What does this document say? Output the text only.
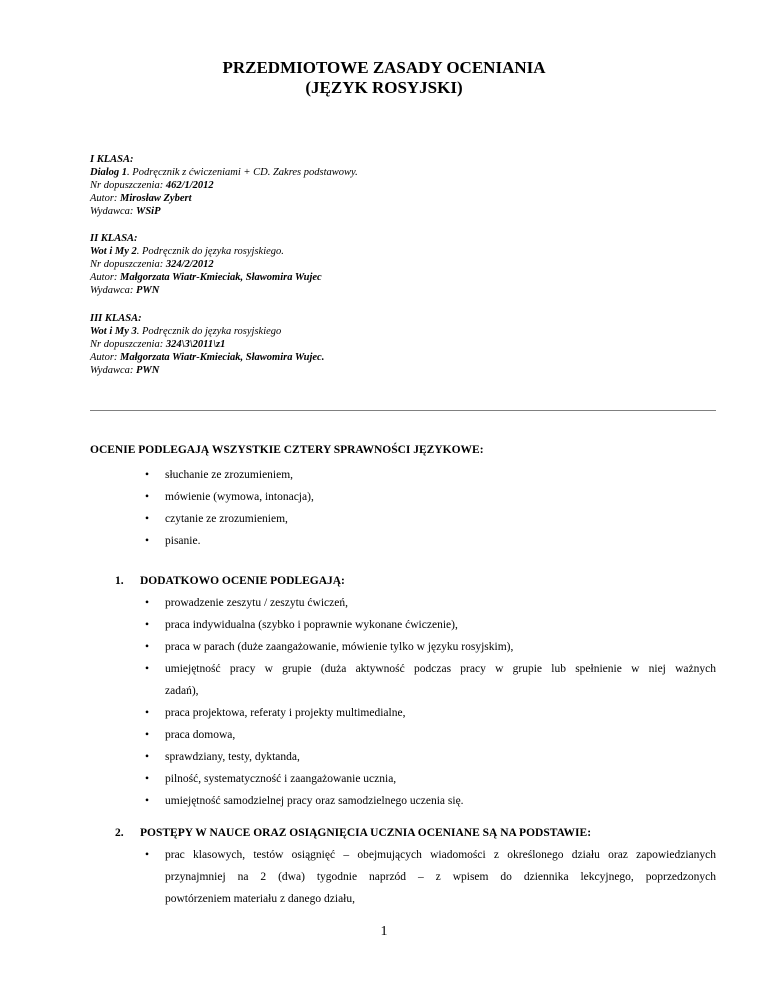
PRZEDMIOTOWE ZASADY OCENIANIA
(JĘZYK ROSYJSKI)
I KLASA:
Dialog 1. Podręcznik z ćwiczeniami + CD. Zakres podstawowy.
Nr dopuszczenia: 462/1/2012
Autor: Mirosław Zybert
Wydawca: WSiP
II KLASA:
Wot i My 2. Podręcznik do języka rosyjskiego.
Nr dopuszczenia: 324/2/2012
Autor: Małgorzata Wiatr-Kmieciak, Sławomira Wujec
Wydawca: PWN
III KLASA:
Wot i My 3. Podręcznik do języka rosyjskiego
Nr dopuszczenia: 324\3\2011\z1
Autor: Małgorzata Wiatr-Kmieciak, Sławomira Wujec.
Wydawca: PWN
OCENIE PODLEGAJĄ WSZYSTKIE CZTERY SPRAWNOŚCI JĘZYKOWE:
• słuchanie ze zrozumieniem,
• mówienie (wymowa, intonacja),
• czytanie ze zrozumieniem,
• pisanie.
1. DODATKOWO OCENIE PODLEGAJĄ:
• prowadzenie zeszytu / zeszytu ćwiczeń,
• praca indywidualna (szybko i poprawnie wykonane ćwiczenie),
• praca w parach (duże zaangażowanie, mówienie tylko w języku rosyjskim),
• umiejętność pracy w grupie (duża aktywność podczas pracy w grupie lub spełnienie w niej ważnych
zadań),
• praca projektowa, referaty i projekty multimedialne,
• praca domowa,
• sprawdziany, testy, dyktanda,
• pilność, systematyczność i zaangażowanie ucznia,
• umiejętność samodzielnej pracy oraz samodzielnego uczenia się.
2. POSTĘPY W NAUCE ORAZ OSIĄGNIĘCIA UCZNIA OCENIANE SĄ NA PODSTAWIE:
• prac klasowych, testów osiągnięć – obejmujących wiadomości z określonego działu oraz zapowiedzianych
przynajmniej na 2 (dwa) tygodnie naprzód – z wpisem do dziennika lekcyjnego, poprzedzonych
powtórzeniem materiału z danego działu,
1
